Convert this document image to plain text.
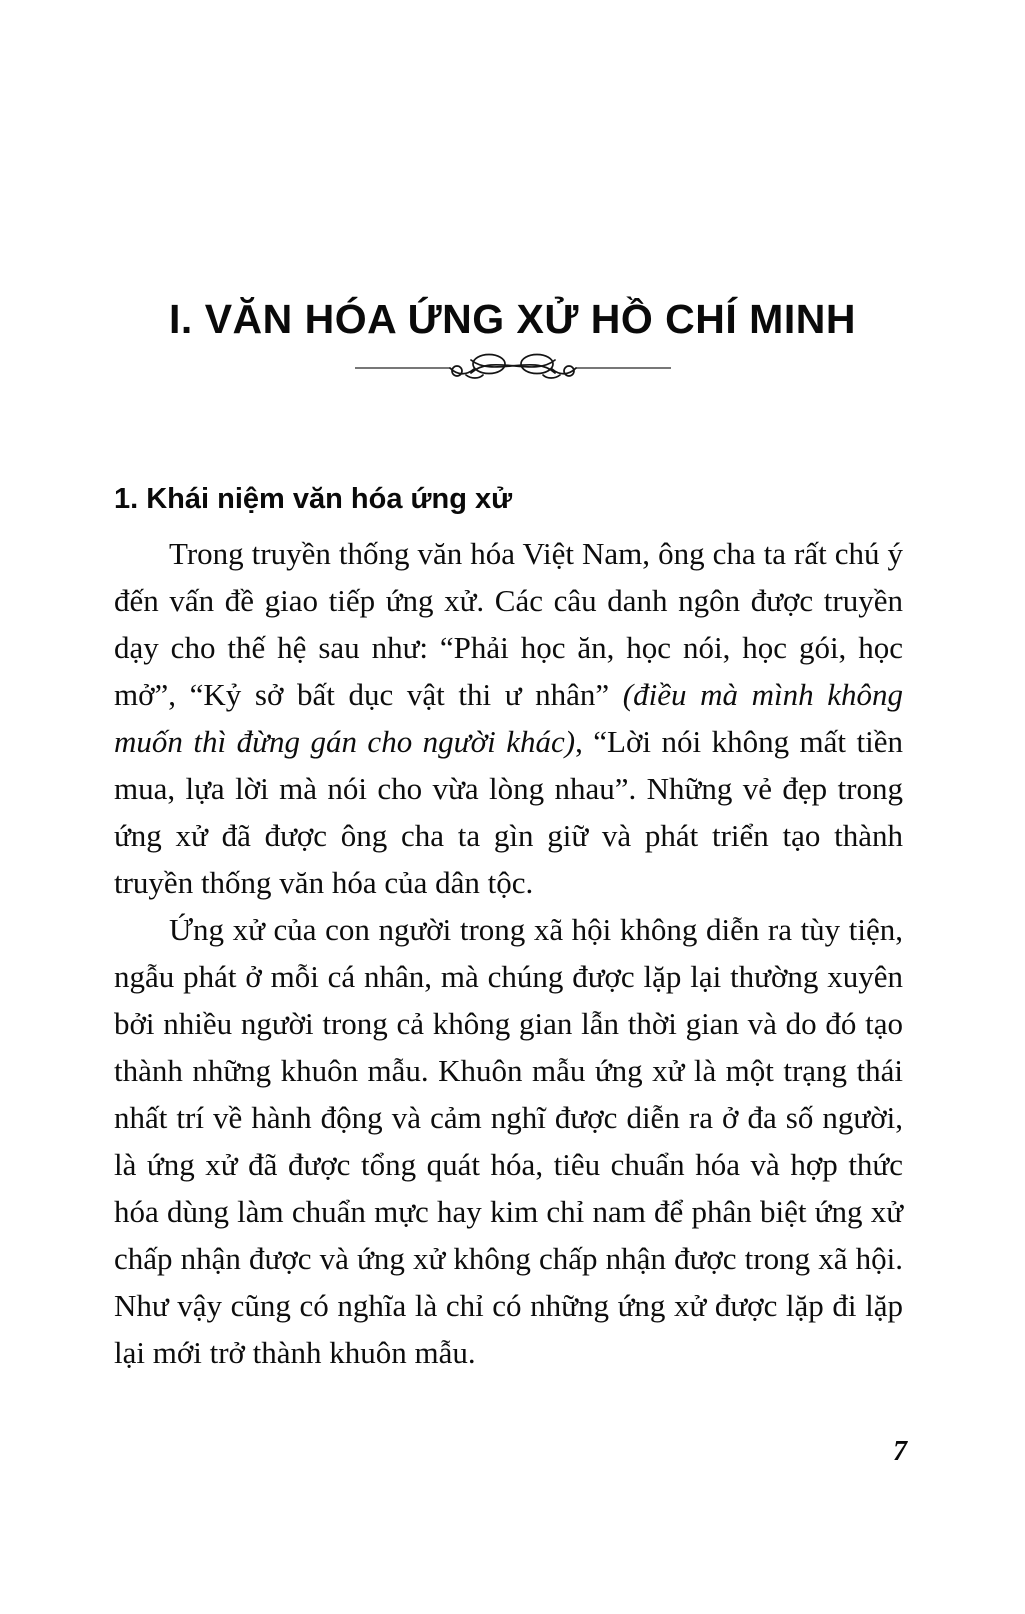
I. VĂN HÓA ỨNG XỬ HỒ CHÍ MINH
1. Khái niệm văn hóa ứng xử

Trong truyền thống văn hóa Việt Nam, ông cha ta rất chú ý đến vấn đề giao tiếp ứng xử. Các câu danh ngôn được truyền dạy cho thế hệ sau như: “Phải học ăn, học nói, học gói, học mở”, “Kỷ sở bất dục vật thi ư nhân” (điều mà mình không muốn thì đừng gán cho người khác), “Lời nói không mất tiền mua, lựa lời mà nói cho vừa lòng nhau”. Những vẻ đẹp trong ứng xử đã được ông cha ta gìn giữ và phát triển tạo thành truyền thống văn hóa của dân tộc.

Ứng xử của con người trong xã hội không diễn ra tùy tiện, ngẫu phát ở mỗi cá nhân, mà chúng được lặp lại thường xuyên bởi nhiều người trong cả không gian lẫn thời gian và do đó tạo thành những khuôn mẫu. Khuôn mẫu ứng xử là một trạng thái nhất trí về hành động và cảm nghĩ được diễn ra ở đa số người, là ứng xử đã được tổng quát hóa, tiêu chuẩn hóa và hợp thức hóa dùng làm chuẩn mực hay kim chỉ nam để phân biệt ứng xử chấp nhận được và ứng xử không chấp nhận được trong xã hội. Như vậy cũng có nghĩa là chỉ có những ứng xử được lặp đi lặp lại mới trở thành khuôn mẫu.

7
